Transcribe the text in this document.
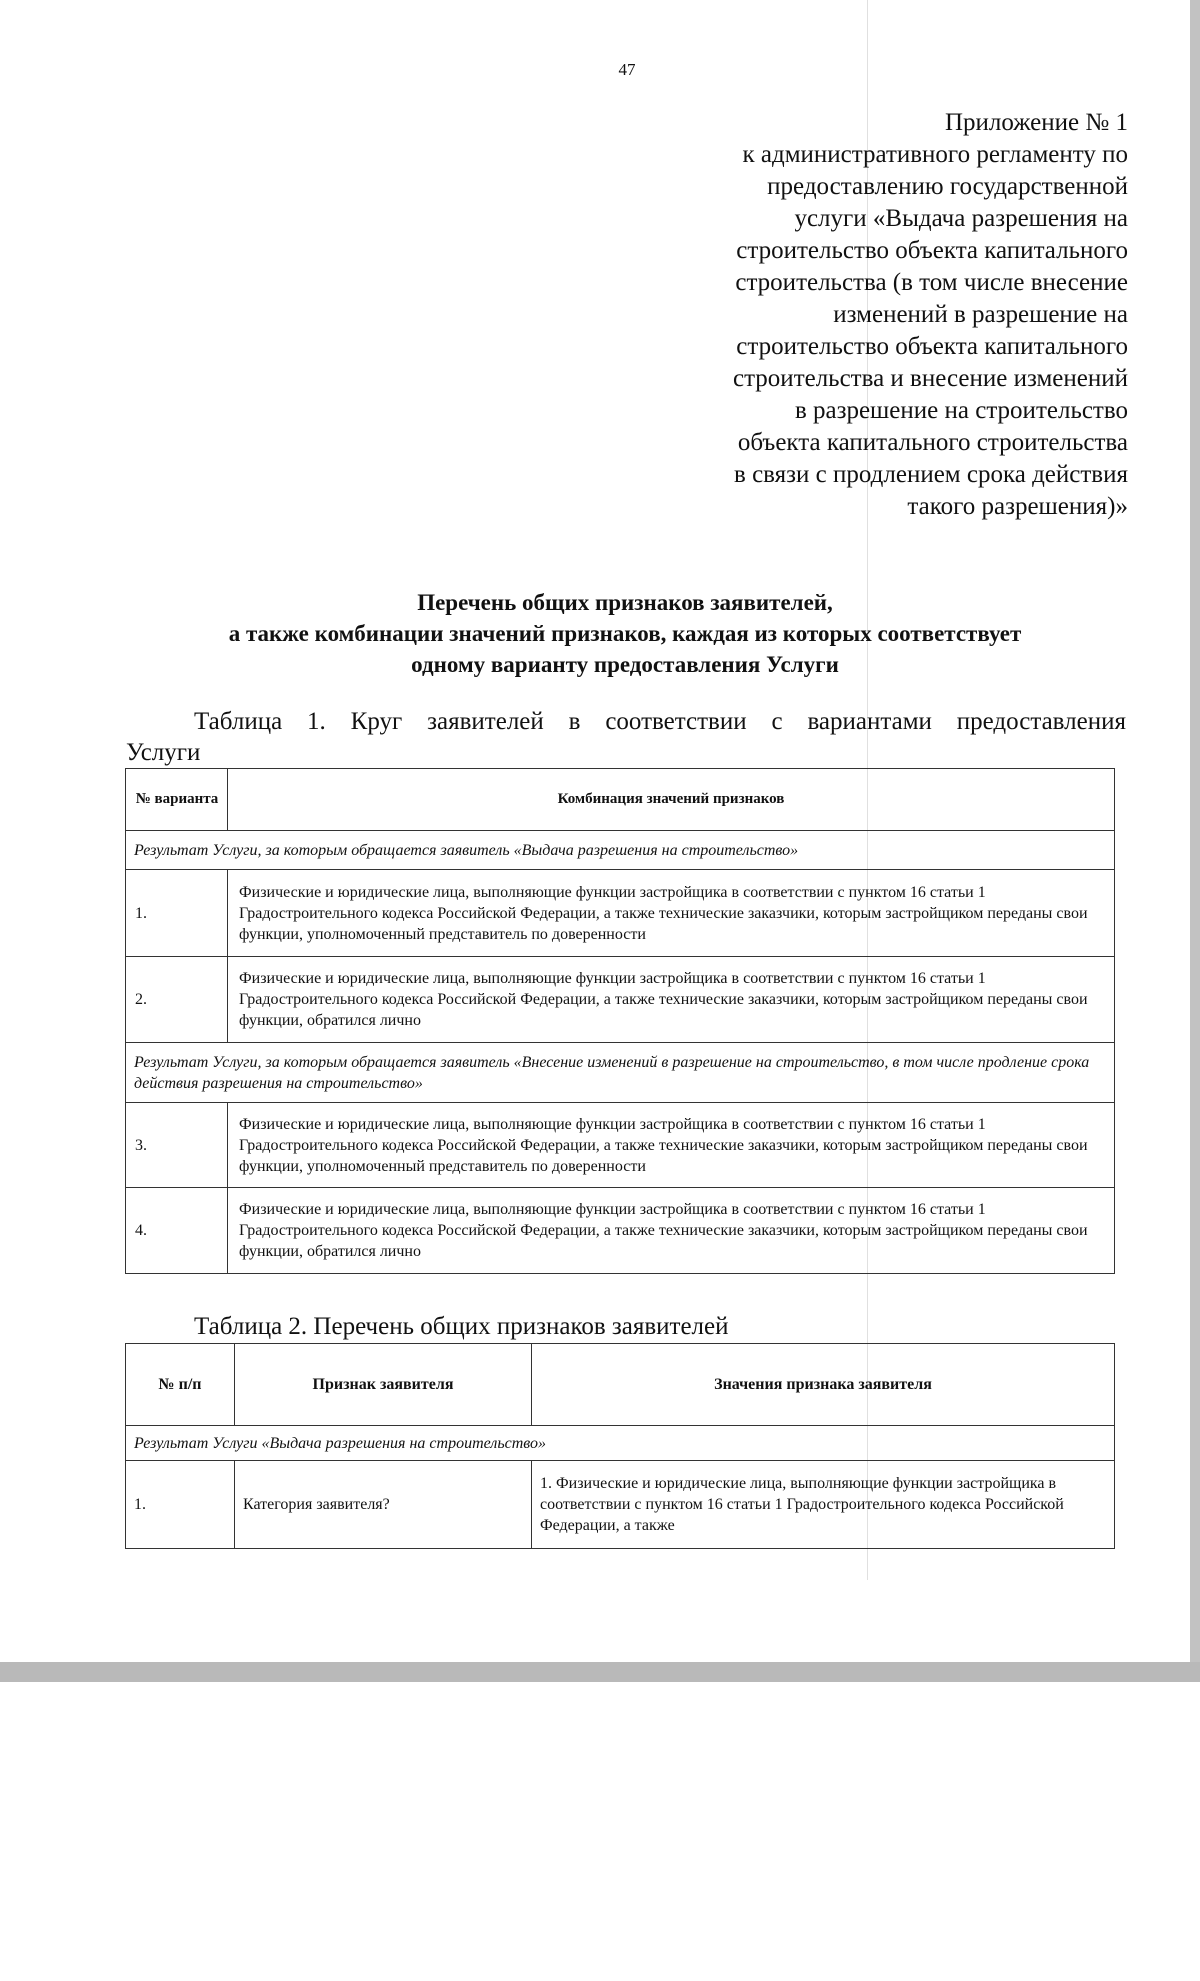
47
Приложение № 1
к административного регламенту по
предоставлению государственной
услуги «Выдача разрешения на
строительство объекта капитального
строительства (в том числе внесение
изменений в разрешение на
строительство объекта капитального
строительства и внесение изменений
в разрешение на строительство
объекта капитального строительства
в связи с продлением срока действия
такого разрешения)»
Перечень общих признаков заявителей,
а также комбинации значений признаков, каждая из которых соответствует
одному варианту предоставления Услуги
Таблица 1. Круг заявителей в соответствии с вариантами предоставления
Услуги
№ варианта	Комбинация значений признаков
Результат Услуги, за которым обращается заявитель «Выдача разрешения на строительство»	
1.	Физические и юридические лица, выполняющие функции застройщика в соответствии с пунктом 16 статьи 1 Градостроительного кодекса Российской Федерации, а также технические заказчики, которым застройщиком переданы свои функции, уполномоченный представитель по доверенности
2.	Физические и юридические лица, выполняющие функции застройщика в соответствии с пунктом 16 статьи 1 Градостроительного кодекса Российской Федерации, а также технические заказчики, которым застройщиком переданы свои функции, обратился лично
Результат Услуги, за которым обращается заявитель «Внесение изменений в разрешение на строительство, в том числе продление срока действия разрешения на строительство»	
3.	Физические и юридические лица, выполняющие функции застройщика в соответствии с пунктом 16 статьи 1 Градостроительного кодекса Российской Федерации, а также технические заказчики, которым застройщиком переданы свои функции, уполномоченный представитель по доверенности
4.	Физические и юридические лица, выполняющие функции застройщика в соответствии с пунктом 16 статьи 1 Градостроительного кодекса Российской Федерации, а также технические заказчики, которым застройщиком переданы свои функции, обратился лично
Таблица 2. Перечень общих признаков заявителей
№ п/п	Признак заявителя	Значения признака заявителя
Результат Услуги «Выдача разрешения на строительство»		
1.	Категория заявителя?	1. Физические и юридические лица, выполняющие функции застройщика в соответствии с пунктом 16 статьи 1 Градостроительного кодекса Российской Федерации, а также
